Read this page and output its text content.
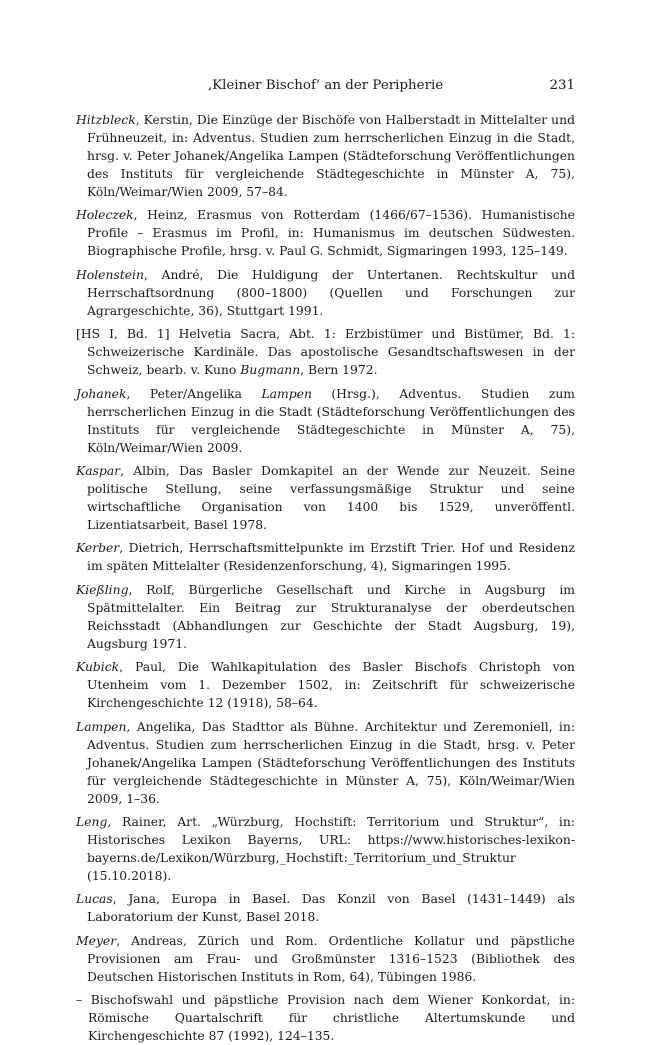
‚Kleiner Bischof‘ an der Peripherie	231
Hitzbleck, Kerstin, Die Einzüge der Bischöfe von Halberstadt in Mittelalter und Frühneuzeit, in: Adventus. Studien zum herrscherlichen Einzug in die Stadt, hrsg. v. Peter Johanek/Angelika Lampen (Städteforschung Veröffentlichungen des Instituts für vergleichende Städtegeschichte in Münster A, 75), Köln/Weimar/Wien 2009, 57–84.
Holeczek, Heinz, Erasmus von Rotterdam (1466/67–1536). Humanistische Profile – Erasmus im Profil, in: Humanismus im deutschen Südwesten. Biographische Profile, hrsg. v. Paul G. Schmidt, Sigmaringen 1993, 125–149.
Holenstein, André, Die Huldigung der Untertanen. Rechtskultur und Herrschaftsordnung (800–1800) (Quellen und Forschungen zur Agrargeschichte, 36), Stuttgart 1991.
[HS I, Bd. 1] Helvetia Sacra, Abt. 1: Erzbistümer und Bistümer, Bd. 1: Schweizerische Kardinäle. Das apostolische Gesandtschaftswesen in der Schweiz, bearb. v. Kuno Bugmann, Bern 1972.
Johanek, Peter/Angelika Lampen (Hrsg.), Adventus. Studien zum herrscherlichen Einzug in die Stadt (Städteforschung Veröffentlichungen des Instituts für vergleichende Städtegeschichte in Münster A, 75), Köln/Weimar/Wien 2009.
Kaspar, Albin, Das Basler Domkapitel an der Wende zur Neuzeit. Seine politische Stellung, seine verfassungsmäßige Struktur und seine wirtschaftliche Organisation von 1400 bis 1529, unveröffentl. Lizentiatsarbeit, Basel 1978.
Kerber, Dietrich, Herrschaftsmittelpunkte im Erzstift Trier. Hof und Residenz im späten Mittelalter (Residenzenforschung, 4), Sigmaringen 1995.
Kießling, Rolf, Bürgerliche Gesellschaft und Kirche in Augsburg im Spätmittelalter. Ein Beitrag zur Strukturanalyse der oberdeutschen Reichsstadt (Abhandlungen zur Geschichte der Stadt Augsburg, 19), Augsburg 1971.
Kubick, Paul, Die Wahlkapitulation des Basler Bischofs Christoph von Utenheim vom 1. Dezember 1502, in: Zeitschrift für schweizerische Kirchengeschichte 12 (1918), 58–64.
Lampen, Angelika, Das Stadttor als Bühne. Architektur und Zeremoniell, in: Adventus. Studien zum herrscherlichen Einzug in die Stadt, hrsg. v. Peter Johanek/Angelika Lampen (Städteforschung Veröffentlichungen des Instituts für vergleichende Städtegeschichte in Münster A, 75), Köln/Weimar/Wien 2009, 1–36.
Leng, Rainer, Art. „Würzburg, Hochstift: Territorium und Struktur“, in: Historisches Lexikon Bayerns, URL: https://www.historisches-lexikon-bayerns.de/Lexikon/Würzburg,_Hochstift:_Territorium_und_Struktur (15.10.2018).
Lucas, Jana, Europa in Basel. Das Konzil von Basel (1431–1449) als Laboratorium der Kunst, Basel 2018.
Meyer, Andreas, Zürich und Rom. Ordentliche Kollatur und päpstliche Provisionen am Frau- und Großmünster 1316–1523 (Bibliothek des Deutschen Historischen Instituts in Rom, 64), Tübingen 1986.
– Bischofswahl und päpstliche Provision nach dem Wiener Konkordat, in: Römische Quartalschrift für christliche Altertumskunde und Kirchengeschichte 87 (1992), 124–135.
